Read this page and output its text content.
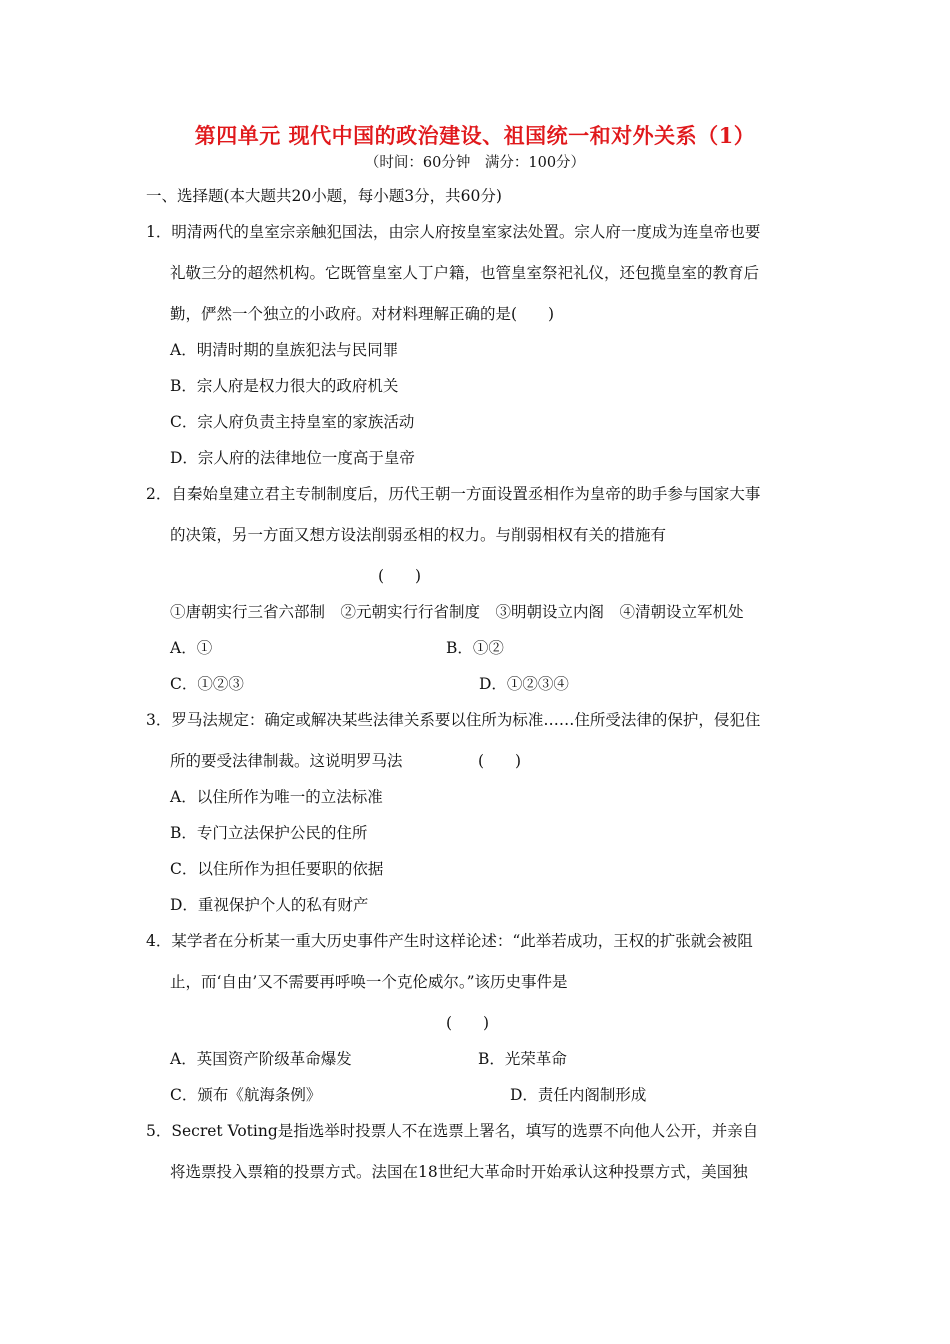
第四单元 现代中国的政治建设、祖国统一和对外关系（1）
（时间：60分钟　满分：100分）
一、选择题(本大题共20小题，每小题3分，共60分)
1．明清两代的皇室宗亲触犯国法，由宗人府按皇室家法处置。宗人府一度成为连皇帝也要
礼敬三分的超然机构。它既管皇室人丁户籍，也管皇室祭祀礼仪，还包揽皇室的教育后
勤，俨然一个独立的小政府。对材料理解正确的是(　　)
A．明清时期的皇族犯法与民同罪
B．宗人府是权力很大的政府机关
C．宗人府负责主持皇室的家族活动
D．宗人府的法律地位一度高于皇帝
2．自秦始皇建立君主专制制度后，历代王朝一方面设置丞相作为皇帝的助手参与国家大事
的决策，另一方面又想方设法削弱丞相的权力。与削弱相权有关的措施有
(　　)
①唐朝实行三省六部制　②元朝实行行省制度　③明朝设立内阁　④清朝设立军机处
A．①	B．①②
C．①②③	D．①②③④
3．罗马法规定：确定或解决某些法律关系要以住所为标准……住所受法律的保护，侵犯住
所的要受法律制裁。这说明罗马法	(　　)
A．以住所作为唯一的立法标准
B．专门立法保护公民的住所
C．以住所作为担任要职的依据
D．重视保护个人的私有财产
4．某学者在分析某一重大历史事件产生时这样论述：“此举若成功，王权的扩张就会被阻
止，而‘自由’又不需要再呼唤一个克伦威尔。”该历史事件是
(　　)
A．英国资产阶级革命爆发	B．光荣革命
C．颁布《航海条例》	D．责任内阁制形成
5．Secret Voting是指选举时投票人不在选票上署名，填写的选票不向他人公开，并亲自
将选票投入票箱的投票方式。法国在18世纪大革命时开始承认这种投票方式，美国独
